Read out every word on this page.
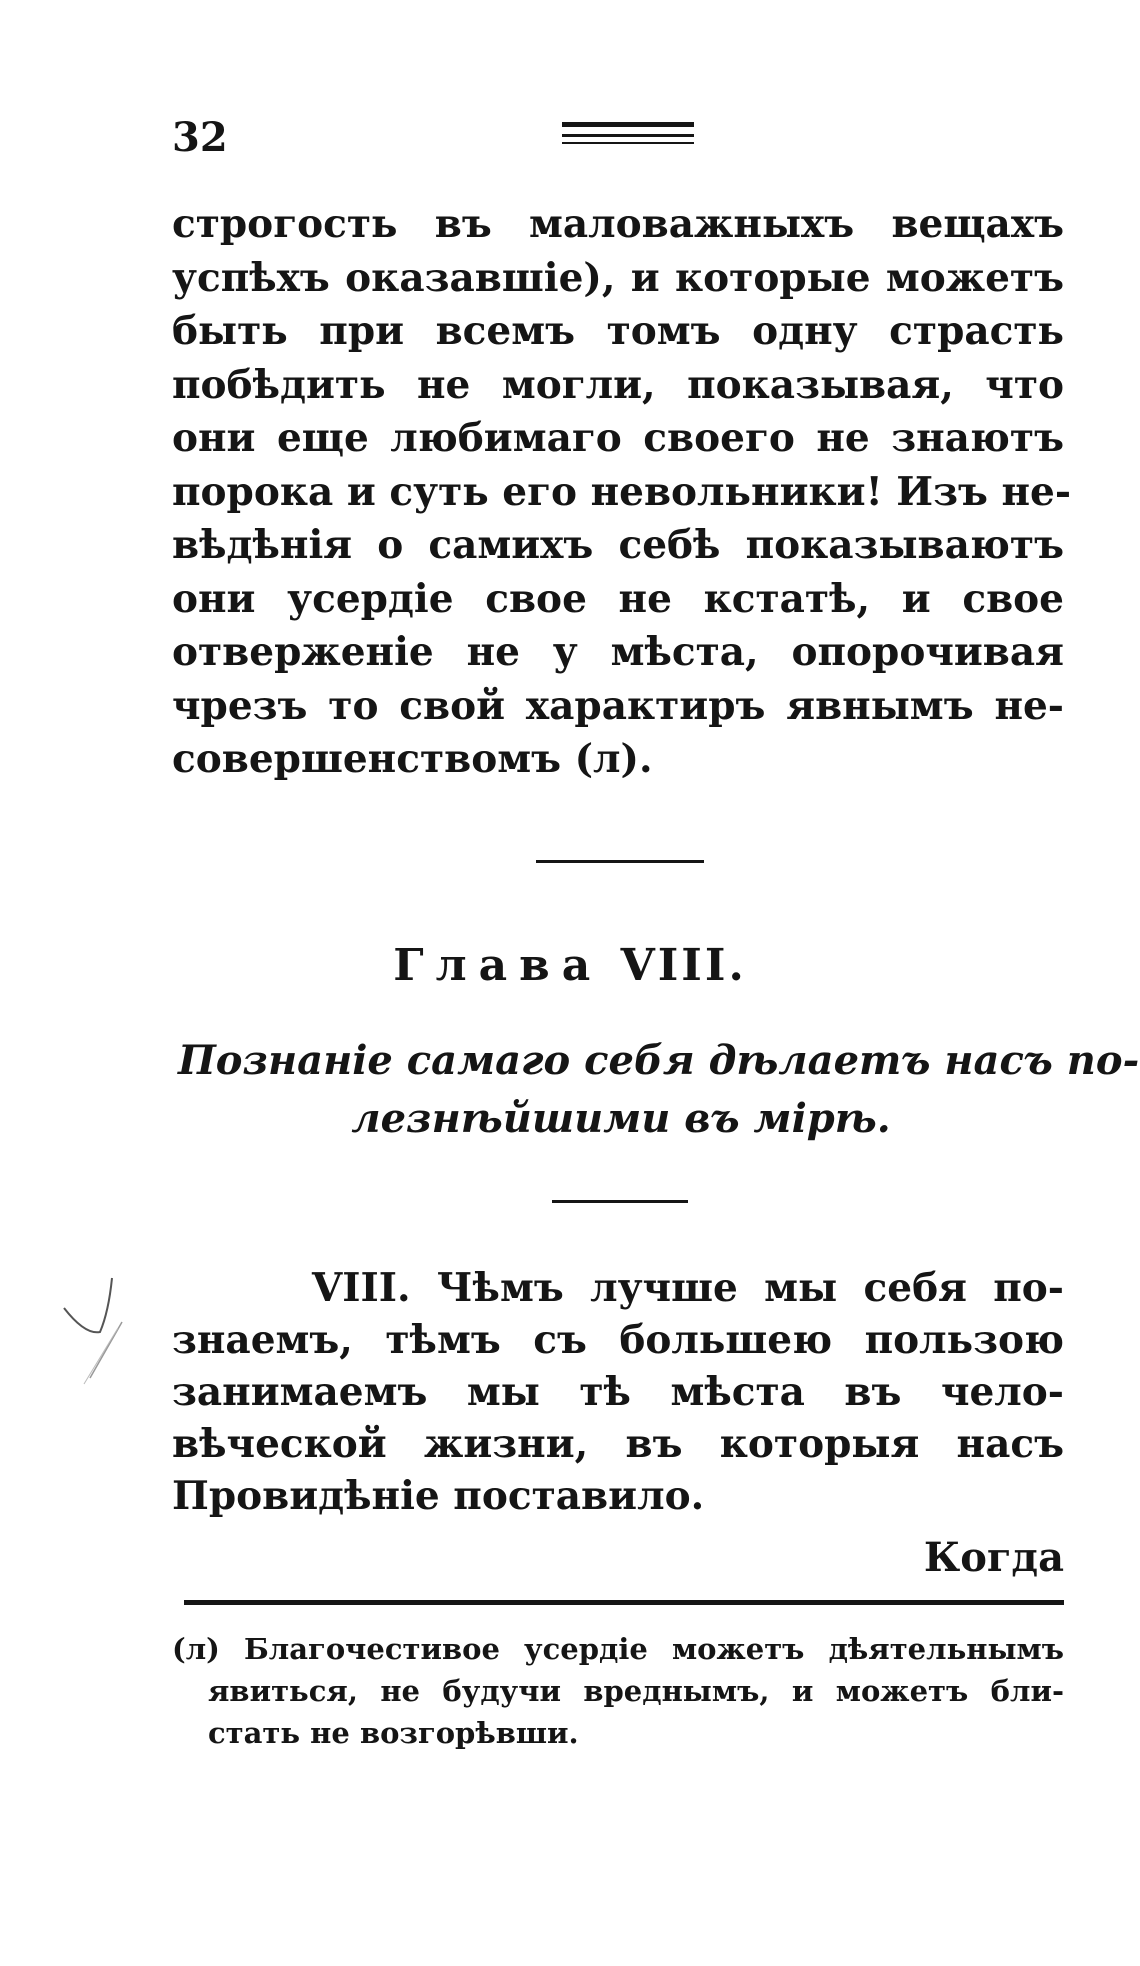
32
строгость въ маловажныхъ вещахъ
успѣхъ оказавшіе), и которые можетъ
быть при всемъ томъ одну страсть
побѣдить не могли, показывая, что
они еще любимаго своего не знаютъ
порока и суть его невольники! Изъ не-
вѣдѣнія о самихъ себѣ показываютъ
они усердіе свое не кстатѣ, и свое
отверженіе не у мѣста, опорочивая
чрезъ то свой характиръ явнымъ не-
совершенствомъ (л).
Глава VIII.
Познаніе самаго себя дѣлаетъ насъ по-
лезнѣйшими въ мірѣ.
VIII. Чѣмъ лучше мы себя по-
знаемъ, тѣмъ съ большею пользою
занимаемъ мы тѣ мѣста въ чело-
вѣческой жизни, въ которыя насъ
Провидѣніе поставило.
Когда
(л) Благочестивое усердіе можетъ дѣятельнымъ
явиться, не будучи вреднымъ, и можетъ бли-
стать не возгорѣвши.
